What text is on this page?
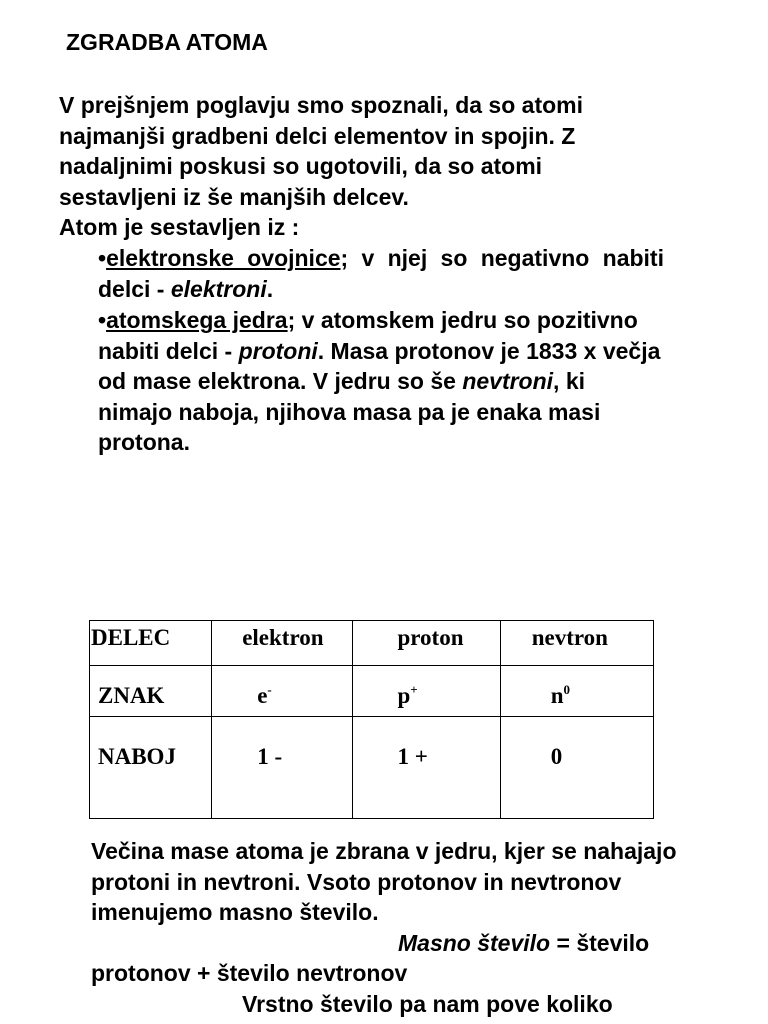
ZGRADBA ATOMA

V prejšnjem poglavju smo spoznali, da so atomi najmanjši gradbeni delci elementov in spojin. Z nadaljnimi poskusi so ugotovili, da so atomi sestavljeni iz še manjših delcev.

Atom je sestavljen iz :

•elektronske ovojnice; v njej so negativno nabiti delci - elektroni.

•atomskega jedra; v atomskem jedru so pozitivno nabiti delci - protoni. Masa protonov je 1833 x večja od mase elektrona. V jedru so še nevtroni, ki nimajo naboja, njihova masa pa je enaka masi protona.

DELEC	elektron	proton	nevtron

ZNAK	e-	p+	$n^0$

NABOJ	1 -	1 +	0

Večina mase atoma je zbrana v jedru, kjer se nahajajo protoni in nevtroni. Vsoto protonov in nevtronov imenujemo masno število.

Masno število = število

protonov + število nevtronov

Vrstno število pa nam pove koliko
